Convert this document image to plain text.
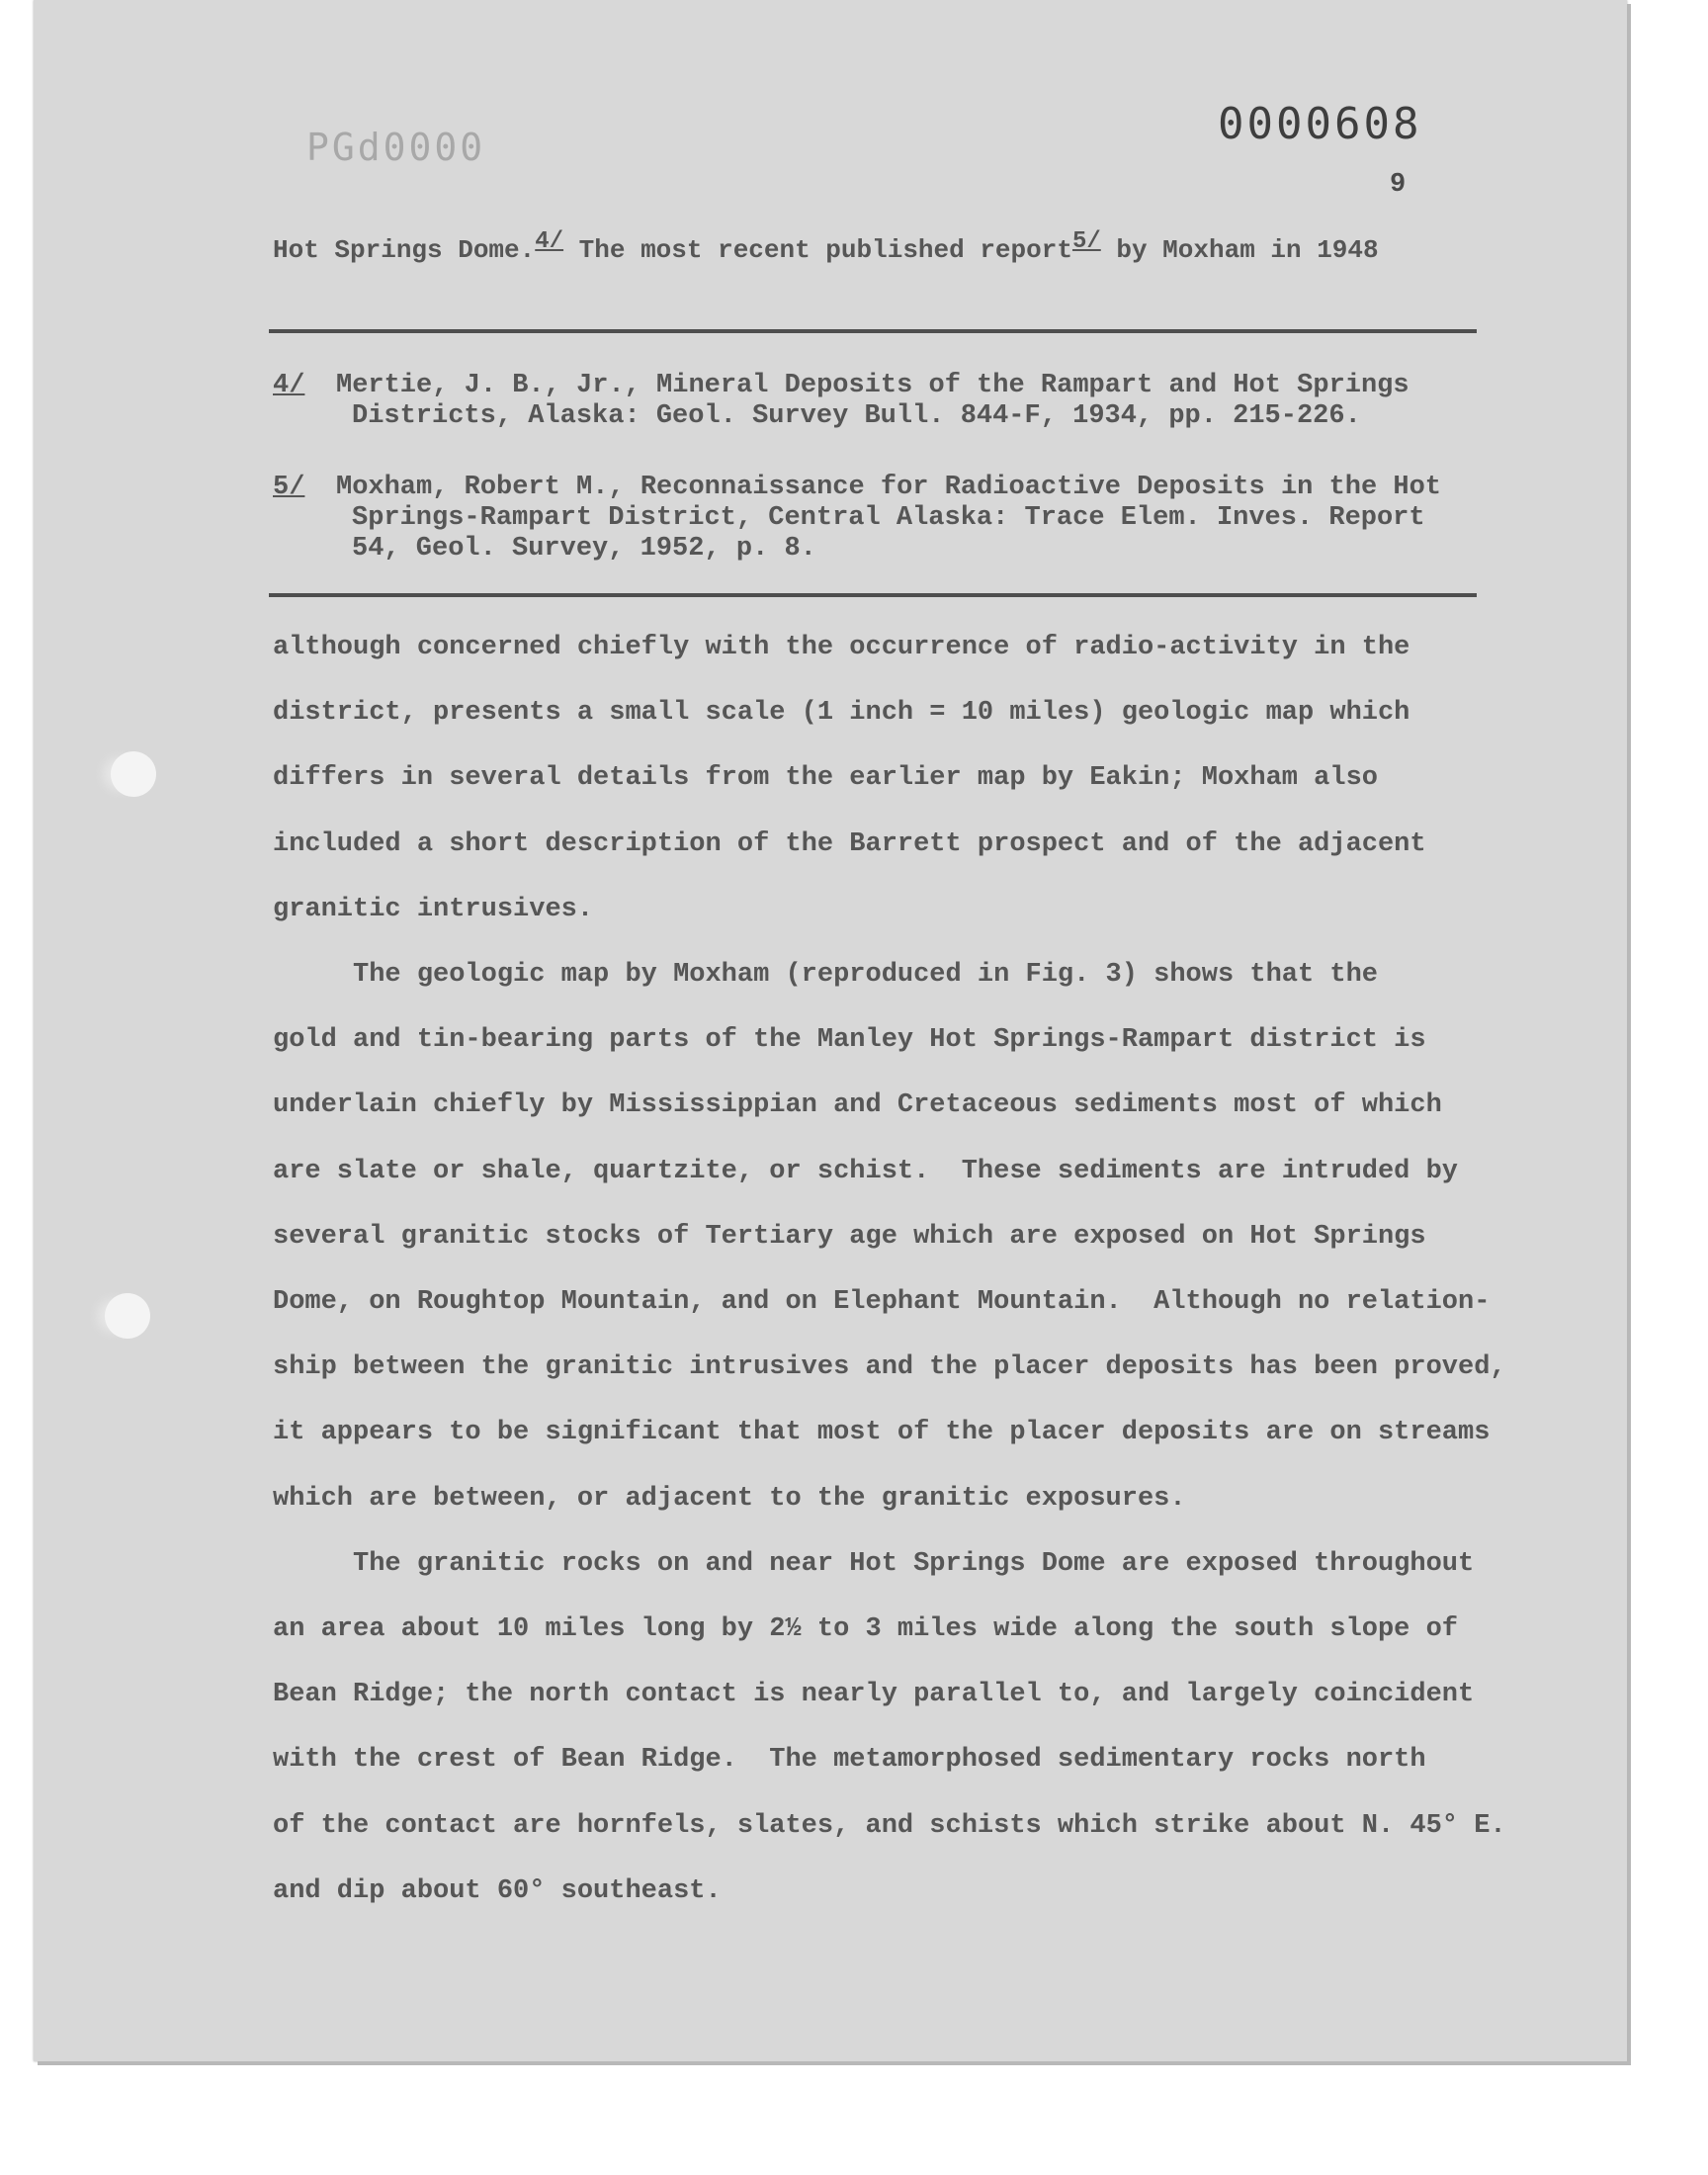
PGd0000	0000608
9
Hot Springs Dome.4/ The most recent published report5/ by Moxham in 1948
4/ Mertie, J. B., Jr., Mineral Deposits of the Rampart and Hot Springs
Districts, Alaska: Geol. Survey Bull. 844-F, 1934, pp. 215-226.
5/ Moxham, Robert M., Reconnaissance for Radioactive Deposits in the Hot
Springs-Rampart District, Central Alaska: Trace Elem. Inves. Report
54, Geol. Survey, 1952, p. 8.
although concerned chiefly with the occurrence of radio-activity in the
district, presents a small scale (1 inch = 10 miles) geologic map which
differs in several details from the earlier map by Eakin; Moxham also
included a short description of the Barrett prospect and of the adjacent
granitic intrusives.
The geologic map by Moxham (reproduced in Fig. 3) shows that the
gold and tin-bearing parts of the Manley Hot Springs-Rampart district is
underlain chiefly by Mississippian and Cretaceous sediments most of which
are slate or shale, quartzite, or schist.  These sediments are intruded by
several granitic stocks of Tertiary age which are exposed on Hot Springs
Dome, on Roughtop Mountain, and on Elephant Mountain.  Although no relation-
ship between the granitic intrusives and the placer deposits has been proved,
it appears to be significant that most of the placer deposits are on streams
which are between, or adjacent to the granitic exposures.
The granitic rocks on and near Hot Springs Dome are exposed throughout
an area about 10 miles long by 2½ to 3 miles wide along the south slope of
Bean Ridge; the north contact is nearly parallel to, and largely coincident
with the crest of Bean Ridge.  The metamorphosed sedimentary rocks north
of the contact are hornfels, slates, and schists which strike about N. 45° E.
and dip about 60° southeast.
